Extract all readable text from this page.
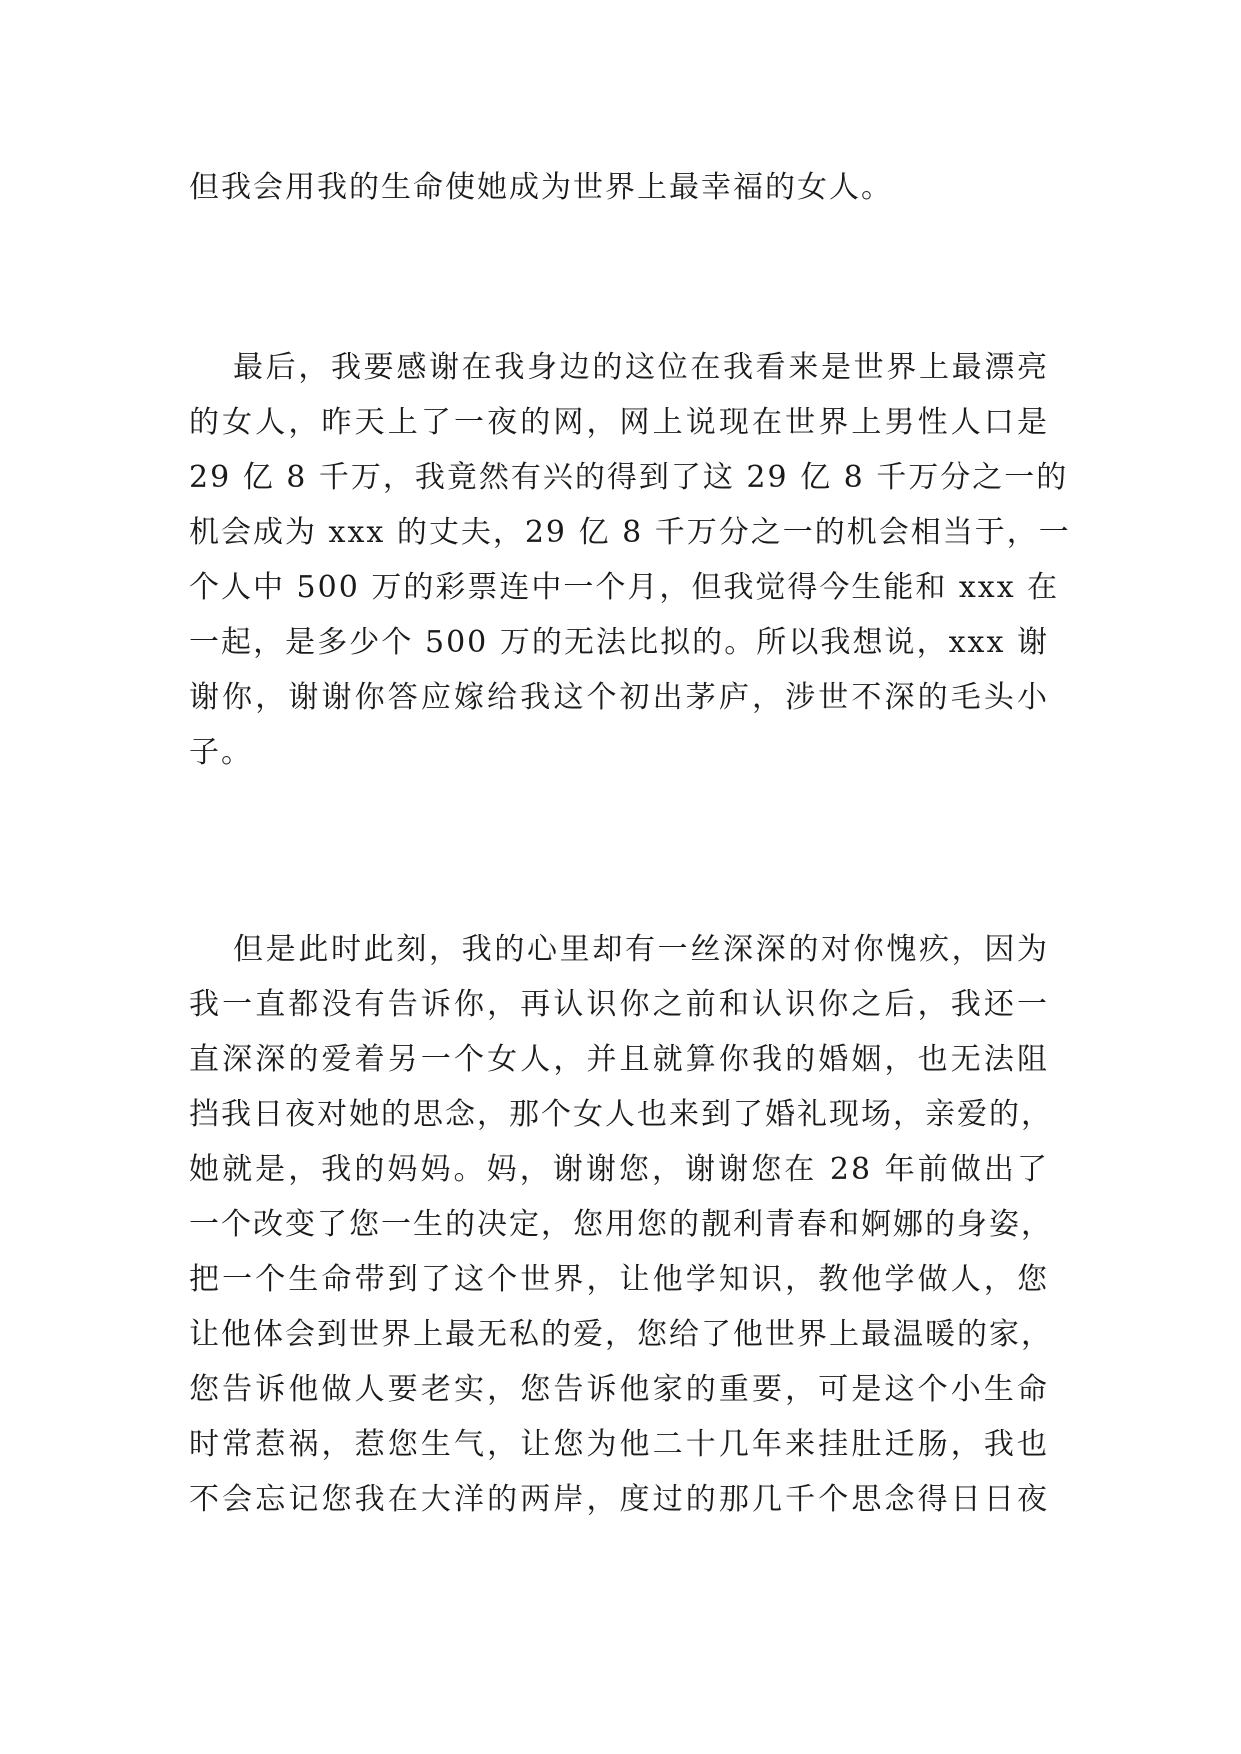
但我会用我的生命使她成为世界上最幸福的女人。
最后，我要感谢在我身边的这位在我看来是世界上最漂亮
的女人，昨天上了一夜的网，网上说现在世界上男性人口是
29 亿 8 千万，我竟然有兴的得到了这 29 亿 8 千万分之一的
机会成为 xxx 的丈夫，29 亿 8 千万分之一的机会相当于，一
个人中 500 万的彩票连中一个月，但我觉得今生能和 xxx 在
一起，是多少个 500 万的无法比拟的。所以我想说，xxx 谢
谢你，谢谢你答应嫁给我这个初出茅庐，涉世不深的毛头小
子。
但是此时此刻，我的心里却有一丝深深的对你愧疚，因为
我一直都没有告诉你，再认识你之前和认识你之后，我还一
直深深的爱着另一个女人，并且就算你我的婚姻，也无法阻
挡我日夜对她的思念，那个女人也来到了婚礼现场，亲爱的，
她就是，我的妈妈。妈，谢谢您，谢谢您在 28 年前做出了
一个改变了您一生的决定，您用您的靓利青春和婀娜的身姿，
把一个生命带到了这个世界，让他学知识，教他学做人，您
让他体会到世界上最无私的爱，您给了他世界上最温暖的家，
您告诉他做人要老实，您告诉他家的重要，可是这个小生命
时常惹祸，惹您生气，让您为他二十几年来挂肚迁肠，我也
不会忘记您我在大洋的两岸，度过的那几千个思念得日日夜
